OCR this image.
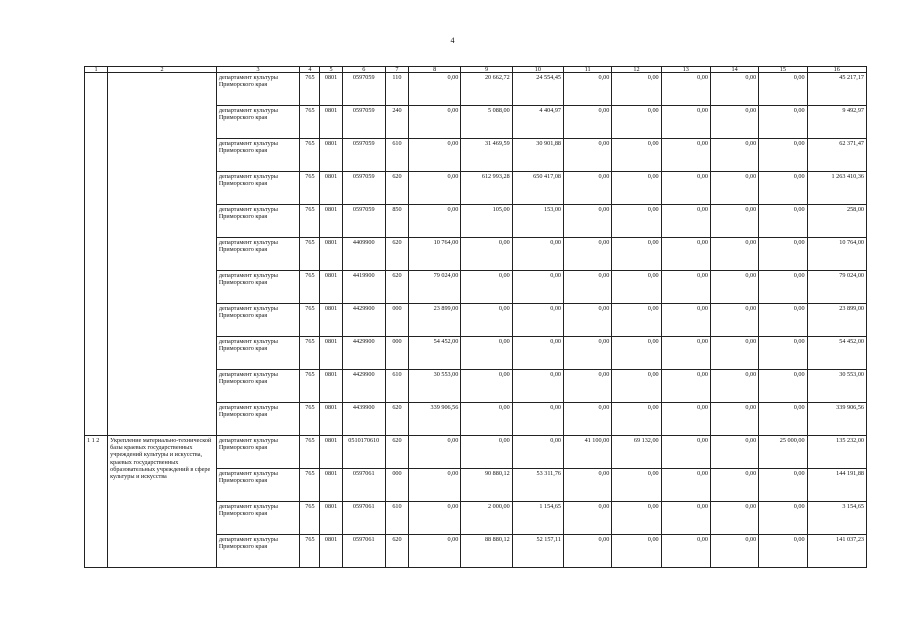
4
1	2	3	4	5	6	7	8	9	10	11	12	13	14	15	16
		департамент культуры Приморского края	765	0801	0597059	110	0,00	20 662,72	24 554,45	0,00	0,00	0,00	0,00	0,00	45 217,17
		департамент культуры Приморского края	765	0801	0597059	240	0,00	5 088,00	4 404,97	0,00	0,00	0,00	0,00	0,00	9 492,97
		департамент культуры Приморского края	765	0801	0597059	610	0,00	31 469,59	30 901,88	0,00	0,00	0,00	0,00	0,00	62 371,47
		департамент культуры Приморского края	765	0801	0597059	620	0,00	612 993,28	650 417,08	0,00	0,00	0,00	0,00	0,00	1 263 410,36
		департамент культуры Приморского края	765	0801	0597059	850	0,00	105,00	153,00	0,00	0,00	0,00	0,00	0,00	258,00
		департамент культуры Приморского края	765	0801	4409900	620	10 764,00	0,00	0,00	0,00	0,00	0,00	0,00	0,00	10 764,00
		департамент культуры Приморского края	765	0801	4419900	620	79 024,00	0,00	0,00	0,00	0,00	0,00	0,00	0,00	79 024,00
		департамент культуры Приморского края	765	0801	4429900	000	23 899,00	0,00	0,00	0,00	0,00	0,00	0,00	0,00	23 899,00
		департамент культуры Приморского края	765	0801	4429900	000	54 452,00	0,00	0,00	0,00	0,00	0,00	0,00	0,00	54 452,00
		департамент культуры Приморского края	765	0801	4429900	610	30 553,00	0,00	0,00	0,00	0,00	0,00	0,00	0,00	30 553,00
		департамент культуры Приморского края	765	0801	4439900	620	339 906,56	0,00	0,00	0,00	0,00	0,00	0,00	0,00	339 906,56
1 1 2	Укрепление материально-технической базы краевых государственных учреждений культуры и искусства, краевых государственных образовательных учреждений в сфере культуры и искусства	департамент культуры Приморского края	765	0801	0510170610	620	0,00	0,00	0,00	41 100,00	69 132,00	0,00	0,00	25 000,00	135 232,00
		департамент культуры Приморского края	765	0801	0597061	000	0,00	90 880,12	53 311,76	0,00	0,00	0,00	0,00	0,00	144 191,88
		департамент культуры Приморского края	765	0801	0597061	610	0,00	2 000,00	1 154,65	0,00	0,00	0,00	0,00	0,00	3 154,65
		департамент культуры Приморского края	765	0801	0597061	620	0,00	88 880,12	52 157,11	0,00	0,00	0,00	0,00	0,00	141 037,23
